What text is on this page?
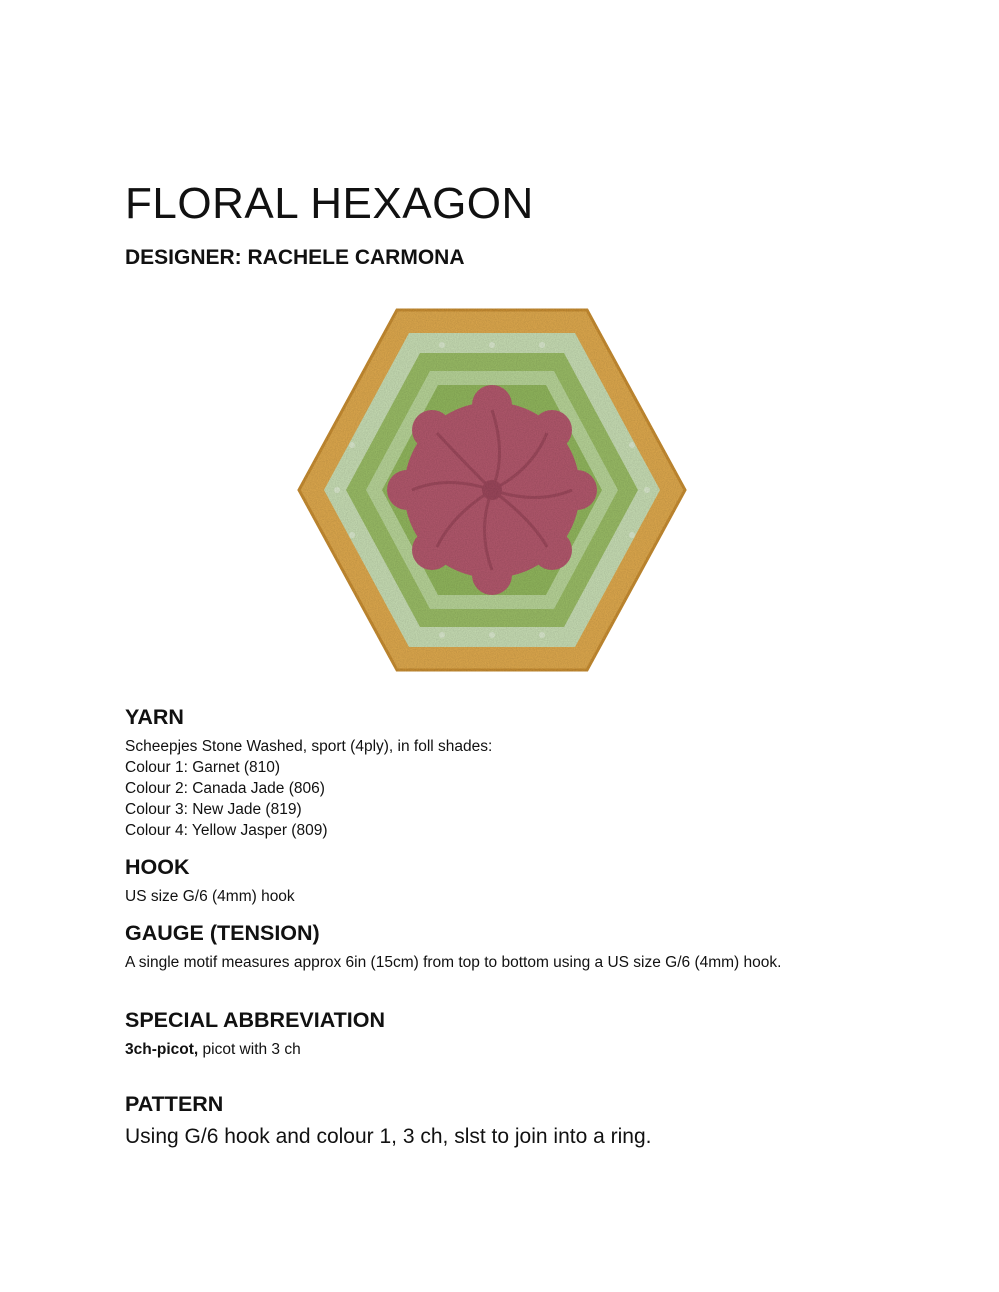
FLORAL HEXAGON
DESIGNER: RACHELE CARMONA
YARN

Scheepjes Stone Washed, sport (4ply), in foll shades:

Colour 1: Garnet (810)

Colour 2: Canada Jade (806)

Colour 3: New Jade (819)

Colour 4: Yellow Jasper (809)

HOOK

US size G/6 (4mm) hook

GAUGE (TENSION)

A single motif measures approx 6in (15cm) from top to bottom using a US size G/6 (4mm) hook.

SPECIAL ABBREVIATION

3ch-picot, picot with 3 ch

PATTERN
Using G/6 hook and colour 1, 3 ch, slst to join into a ring.
